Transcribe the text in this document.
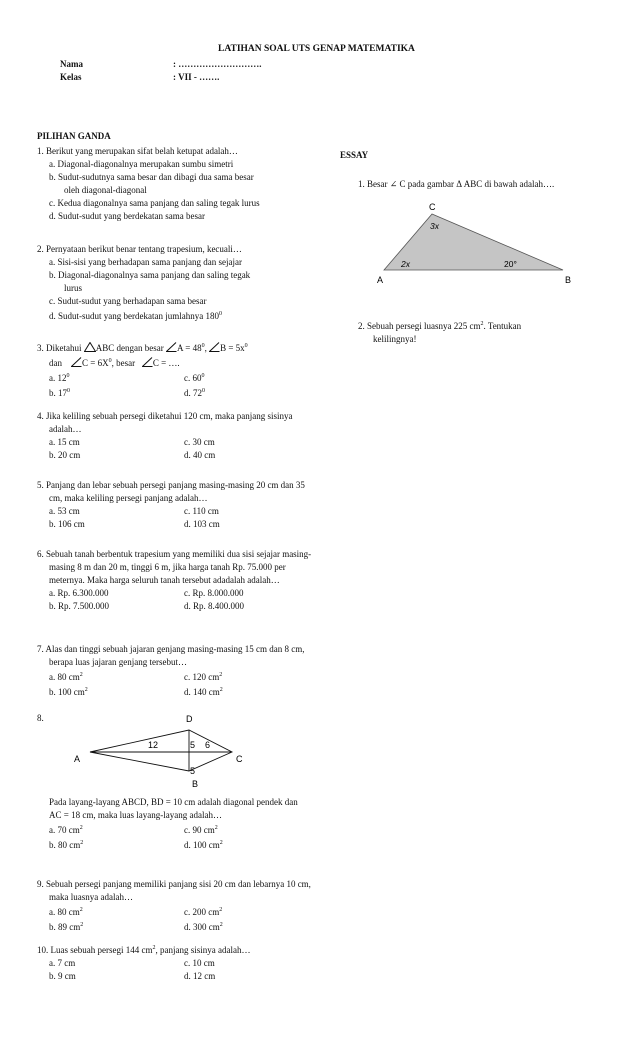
LATIHAN SOAL UTS GENAP MATEMATIKA
Nama	: ……………………….
Kelas	: VII - …….
PILIHAN GANDA
1. Berikut yang merupakan sifat belah ketupat adalah…
a. Diagonal-diagonalnya merupakan sumbu simetri
b. Sudut-sudutnya sama besar dan dibagi dua sama besar
oleh diagonal-diagonal
c. Kedua diagonalnya sama panjang dan saling tegak lurus
d. Sudut-sudut yang berdekatan sama besar
2. Pernyataan berikut benar tentang trapesium, kecuali…
a. Sisi-sisi yang berhadapan sama panjang dan sejajar
b. Diagonal-diagonalnya sama panjang dan saling tegak
lurus
c. Sudut-sudut yang berhadapan sama besar
d. Sudut-sudut yang berdekatan jumlahnya $180^0$
3. Diketahui ABC dengan besar $A = 48^0$, $B = 5x^0$
dan $C = 6X^0$, besar C = ….
a. $12^0$	c. $60^0$
b. $17^0$	d. $72^0$
4. Jika keliling sebuah persegi diketahui 120 cm, maka panjang sisinya adalah…
a. 15 cm	c. 30 cm
b. 20 cm	d. 40 cm
5. Panjang dan lebar sebuah persegi panjang masing-masing 20 cm dan 35 cm, maka keliling persegi panjang adalah…
a. 53 cm	c. 110 cm
b. 106 cm	d. 103 cm
6. Sebuah tanah berbentuk trapesium yang memiliki dua sisi sejajar masing-masing 8 m dan 20 m, tinggi 6 m, jika harga tanah Rp. 75.000 per meternya. Maka harga seluruh tanah tersebut adadalah adalah…
a. Rp. 6.300.000	c. Rp. 8.000.000
b. Rp. 7.500.000	d. Rp. 8.400.000
7. Alas dan tinggi sebuah jajaran genjang masing-masing 15 cm dan 8 cm, berapa luas jajaran genjang tersebut…
a. 80 $cm^2$	c. 120 $cm^2$
b. 100 $cm^2$	d. 140 $cm^2$
8.	D
A	C
B
12	5 6
5
Pada layang-layang ABCD, BD = 10 cm adalah diagonal pendek dan AC = 18 cm, maka luas layang-layang adalah…
a. 70 $cm^2$	c. 90 $cm^2$
b. 80 $cm^2$	d. 100 $cm^2$
9. Sebuah persegi panjang memiliki panjang sisi 20 cm dan lebarnya 10 cm, maka luasnya adalah…
a. 80 $cm^2$	c. 200 $cm^2$
b. 89 $cm^2$	d. 300 $cm^2$
10. Luas sebuah persegi 144 $cm^2$, panjang sisinya adalah…
a. 7 cm	c. 10 cm
b. 9 cm	d. 12 cm
ESSAY
1. Besar ∠ C pada gambar Δ ABC di bawah adalah….
C
A	B
3x
2x	20°
2. Sebuah persegi luasnya 225 $cm^2$. Tentukan
kelilingnya!
